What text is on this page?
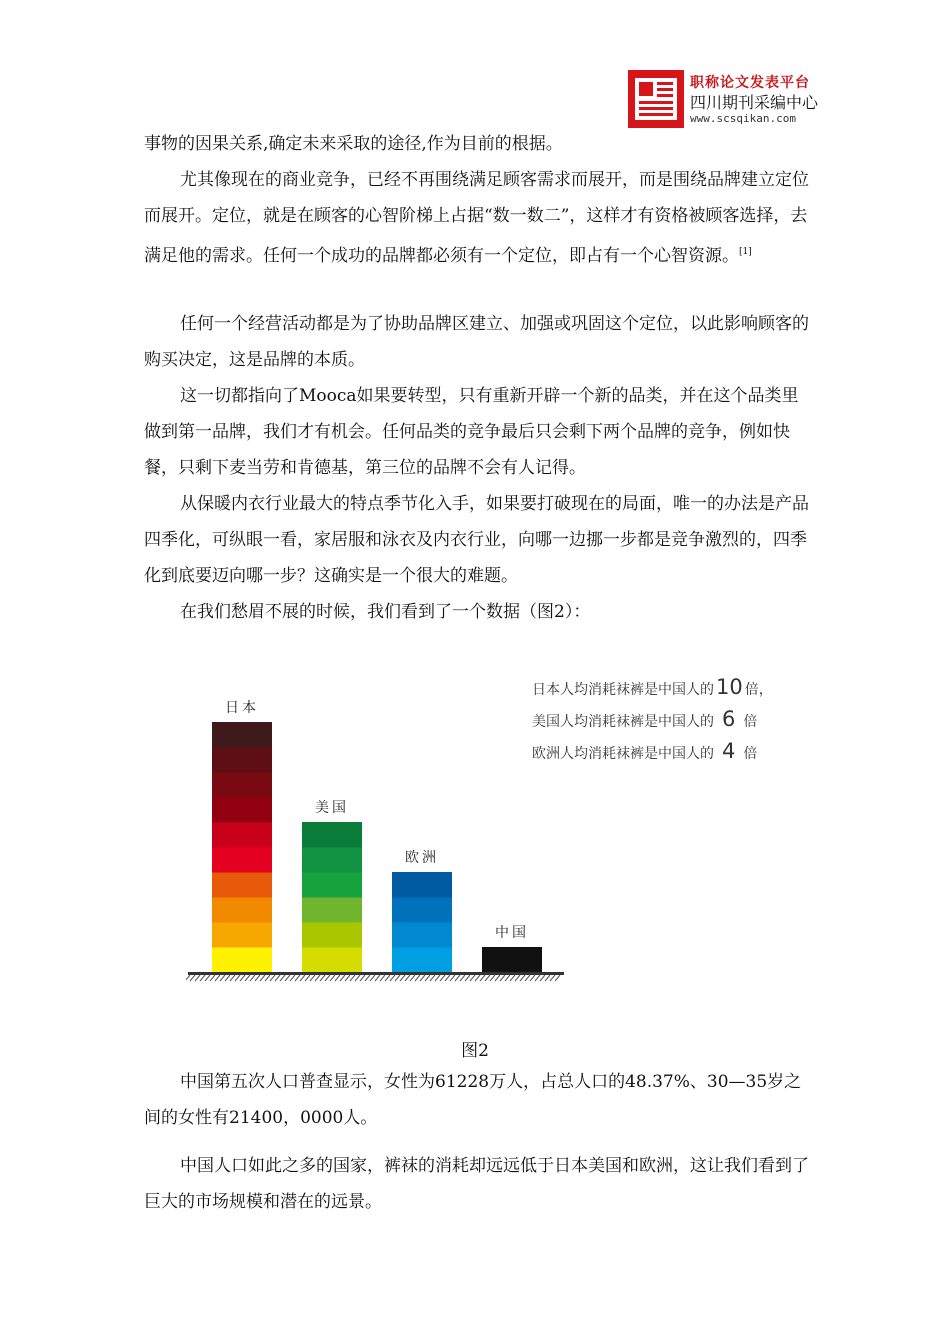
职称论文发表平台
四川期刊采编中心
www.scsqikan.com

事物的因果关系,确定未来采取的途径,作为目前的根据。

尤其像现在的商业竞争，已经不再围绕满足顾客需求而展开，而是围绕品牌建立定位而展开。定位，就是在顾客的心智阶梯上占据“数一数二”，这样才有资格被顾客选择，去满足他的需求。任何一个成功的品牌都必须有一个定位，即占有一个心智资源。[1]

任何一个经营活动都是为了协助品牌区建立、加强或巩固这个定位，以此影响顾客的购买决定，这是品牌的本质。

这一切都指向了Mooca如果要转型，只有重新开辟一个新的品类，并在这个品类里做到第一品牌，我们才有机会。任何品类的竞争最后只会剩下两个品牌的竞争，例如快餐，只剩下麦当劳和肯德基，第三位的品牌不会有人记得。

从保暖内衣行业最大的特点季节化入手，如果要打破现在的局面，唯一的办法是产品四季化，可纵眼一看，家居服和泳衣及内衣行业，向哪一边挪一步都是竞争激烈的，四季化到底要迈向哪一步？这确实是一个很大的难题。

在我们愁眉不展的时候，我们看到了一个数据（图2）：

日本
美国
欧洲
中国
日本人均消耗袜裤是中国人的10 倍，
美国人均消耗袜裤是中国人的 6 倍
欧洲人均消耗袜裤是中国人的 4 倍
图2

中国第五次人口普查显示，女性为61228万人，占总人口的48.37%、30—35岁之间的女性有21400，0000人。

中国人口如此之多的国家，裤袜的消耗却远远低于日本美国和欧洲，这让我们看到了巨大的市场规模和潜在的远景。
